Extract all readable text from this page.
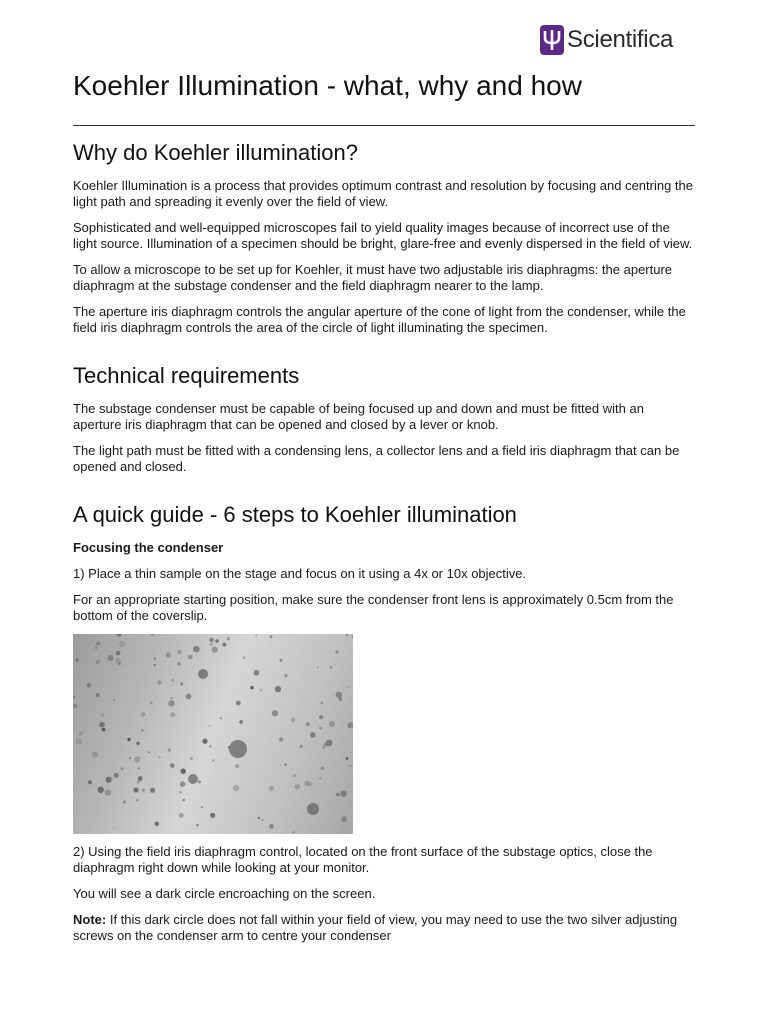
Scientifica
Koehler Illumination - what, why and how
Why do Koehler illumination?

Koehler Illumination is a process that provides optimum contrast and resolution by focusing and centring the light path and spreading it evenly over the field of view.

Sophisticated and well-equipped microscopes fail to yield quality images because of incorrect use of the light source. Illumination of a specimen should be bright, glare-free and evenly dispersed in the field of view.

To allow a microscope to be set up for Koehler, it must have two adjustable iris diaphragms: the aperture diaphragm at the substage condenser and the field diaphragm nearer to the lamp.

The aperture iris diaphragm controls the angular aperture of the cone of light from the condenser, while the field iris diaphragm controls the area of the circle of light illuminating the specimen.

Technical requirements

The substage condenser must be capable of being focused up and down and must be fitted with an aperture iris diaphragm that can be opened and closed by a lever or knob.

The light path must be fitted with a condensing lens, a collector lens and a field iris diaphragm that can be opened and closed.

A quick guide - 6 steps to Koehler illumination

Focusing the condenser

1) Place a thin sample on the stage and focus on it using a 4x or 10x objective.

For an appropriate starting position, make sure the condenser front lens is approximately 0.5cm from the bottom of the coverslip.

2) Using the field iris diaphragm control, located on the front surface of the substage optics, close the diaphragm right down while looking at your monitor.

You will see a dark circle encroaching on the screen.

Note: If this dark circle does not fall within your field of view, you may need to use the two silver adjusting screws on the condenser arm to centre your condenser
